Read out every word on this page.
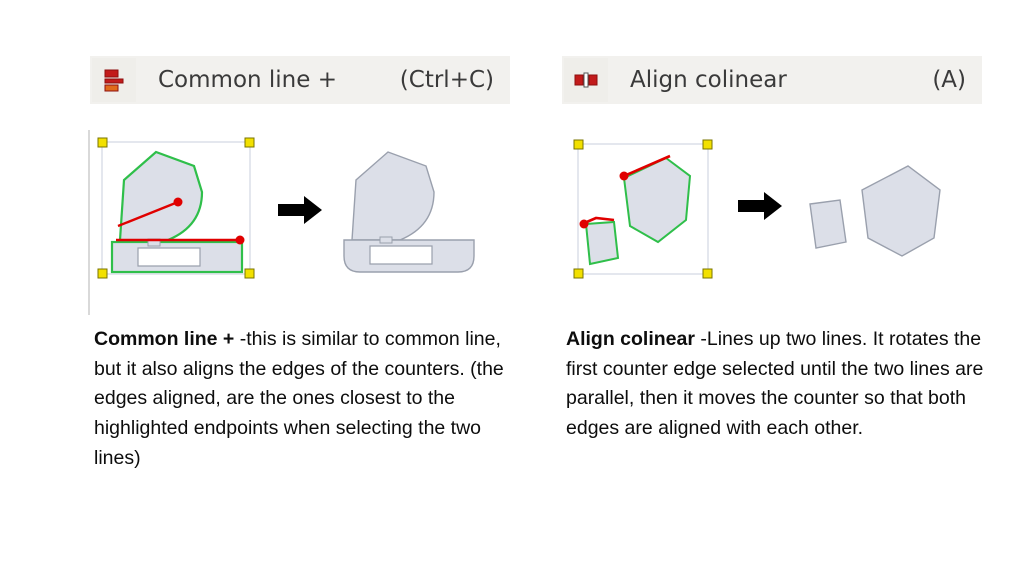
Common line +	(Ctrl+C)
Common line + -this is similar to common line, but it also aligns the edges of the counters. (the edges aligned, are the ones closest to the highlighted endpoints when selecting the two lines)
Align colinear	(A)
Align colinear -Lines up two lines. It rotates the first counter edge selected until the two lines are parallel, then it moves the counter so that both edges are aligned with each other.
